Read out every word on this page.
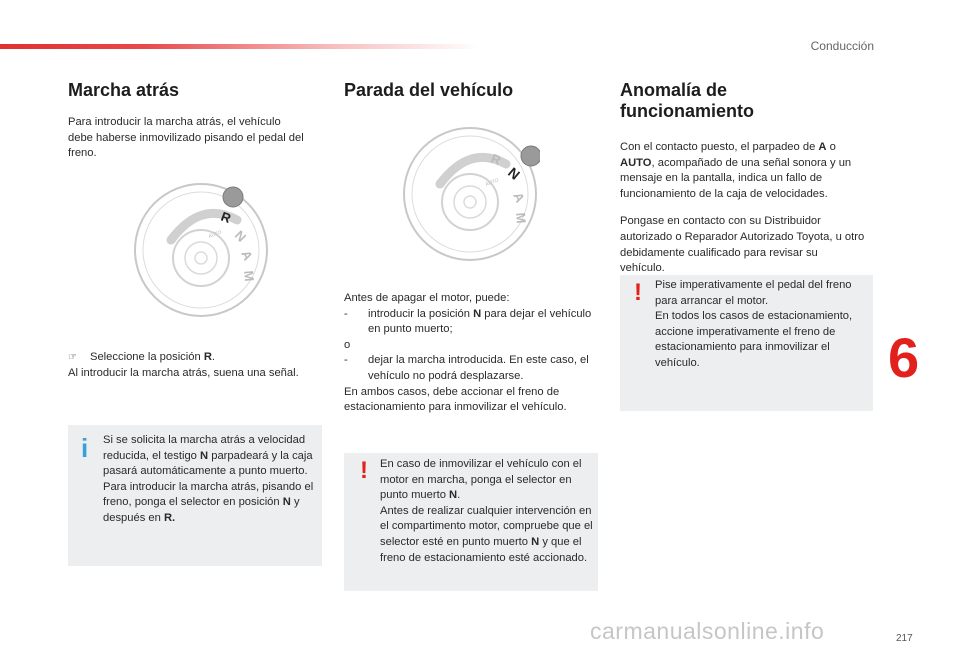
Conducción
Marcha atrás
Para introducir la marcha atrás, el vehículo debe haberse inmovilizado pisando el pedal del freno.
R
N
A
M
AUTO

☞ Seleccione la posición R.

Al introducir la marcha atrás, suena una señal.

i Si se solicita la marcha atrás a velocidad reducida, el testigo N parpadeará y la caja pasará automáticamente a punto muerto. Para introducir la marcha atrás, pisando el freno, ponga el selector en posición N y después en R.
Parada del vehículo
R
N
A
M
AUTO

Antes de apagar el motor, puede:

-	introducir la posición N para dejar el vehículo en punto muerto;

o

-	dejar la marcha introducida. En este caso, el vehículo no podrá desplazarse.

En ambos casos, debe accionar el freno de estacionamiento para inmovilizar el vehículo.

! En caso de inmovilizar el vehículo con el motor en marcha, ponga el selector en punto muerto N.

Antes de realizar cualquier intervención en el compartimento motor, compruebe que el selector esté en punto muerto N y que el freno de estacionamiento esté accionado.

Anomalía de
funcionamiento
Con el contacto puesto, el parpadeo de A o AUTO, acompañado de una señal sonora y un mensaje en la pantalla, indica un fallo de funcionamiento de la caja de velocidades.
Pongase en contacto con su Distribuidor autorizado o Reparador Autorizado Toyota, u otro debidamente cualificado para revisar su vehículo.
! Pise imperativamente el pedal del freno para arrancar el motor.

En todos los casos de estacionamiento, accione imperativamente el freno de estacionamiento para inmovilizar el vehículo.	6
217
carmanualsonline.info
